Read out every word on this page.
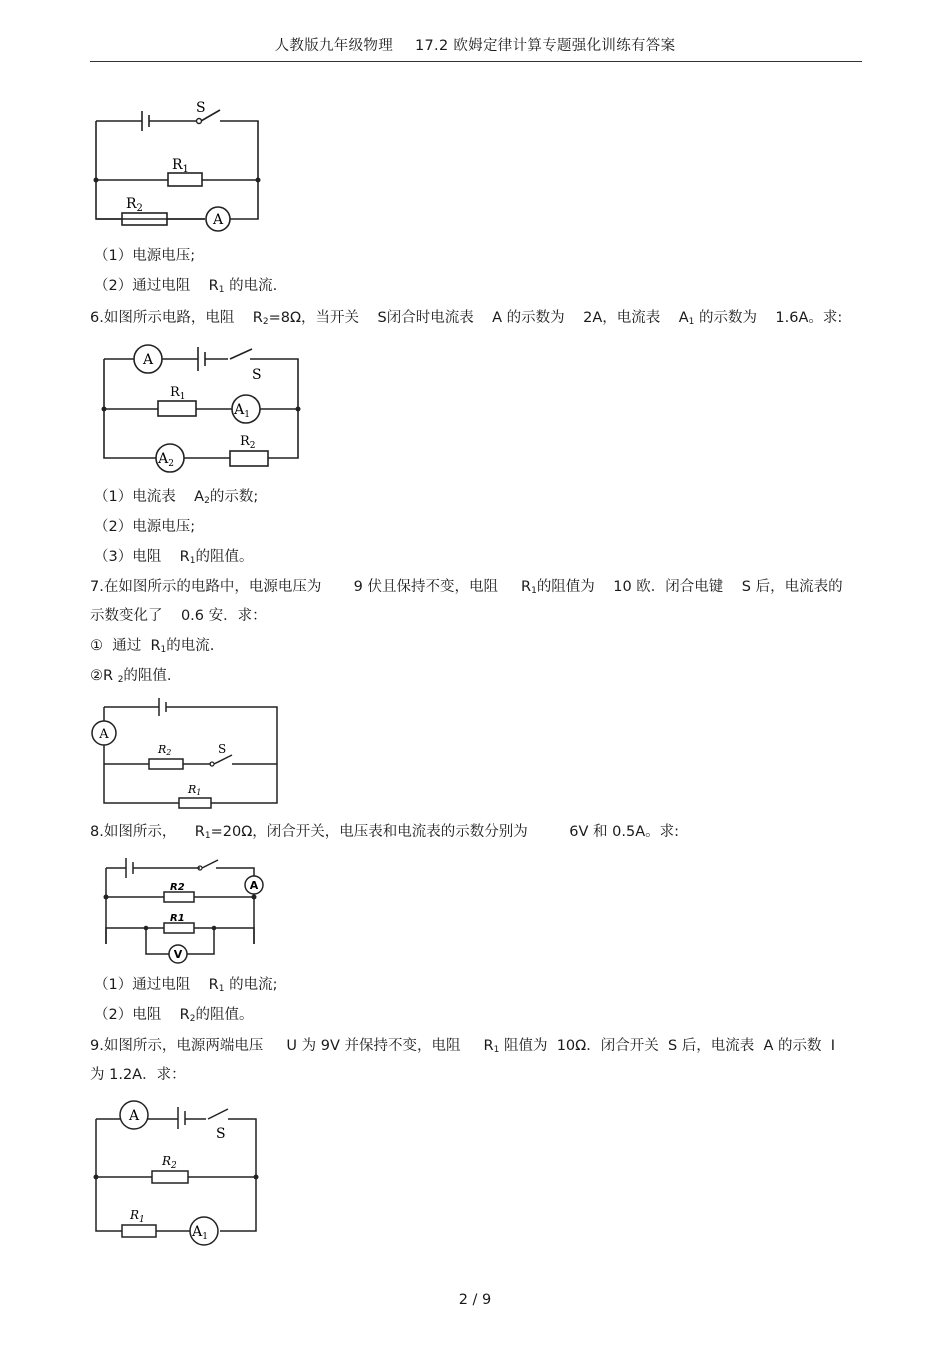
人教版九年级物理 17.2 欧姆定律计算专题强化训练有答案
S
$R_1$
$R_2$
A
（1）电源电压;
（2）通过电阻 $R_1$ 的电流.
6.如图所示电路，电阻 $R_2=8\Omega$，当开关 S闭合时电流表 A 的示数为 2A，电流表 $A_1$ 的示数为 1.6A。求:
A
S
$R_1$
$A_1$
$A_2$
$R_2$
（1）电流表 $A_2$的示数;
（2）电源电压;
（3）电阻 $R_1$的阻值。
7.在如图所示的电路中，电源电压为 9 伏且保持不变，电阻 $R_1$的阻值为 10 欧．闭合电键 S 后，电流表的
示数变化了 0.6 安．求：
①  通过 $R_1$的电流.
②R $_2$的阻值.
A
R2	S
R1
8.如图所示， $R_1=20\Omega$，闭合开关，电压表和电流表的示数分别为	6V 和 0.5A。求:
R2
R1
A
V
（1）通过电阻 $R_1$ 的电流;
（2）电阻 $R_2$的阻值。
9.如图所示，电源两端电压 U 为 9V 并保持不变，电阻 $R_1$ 阻值为 10Ω．闭合开关 S 后，电流表 A 的示数 I
为 1.2A．求：
A
S
$R_2$
$R_1$
$A_1$
2 / 9
